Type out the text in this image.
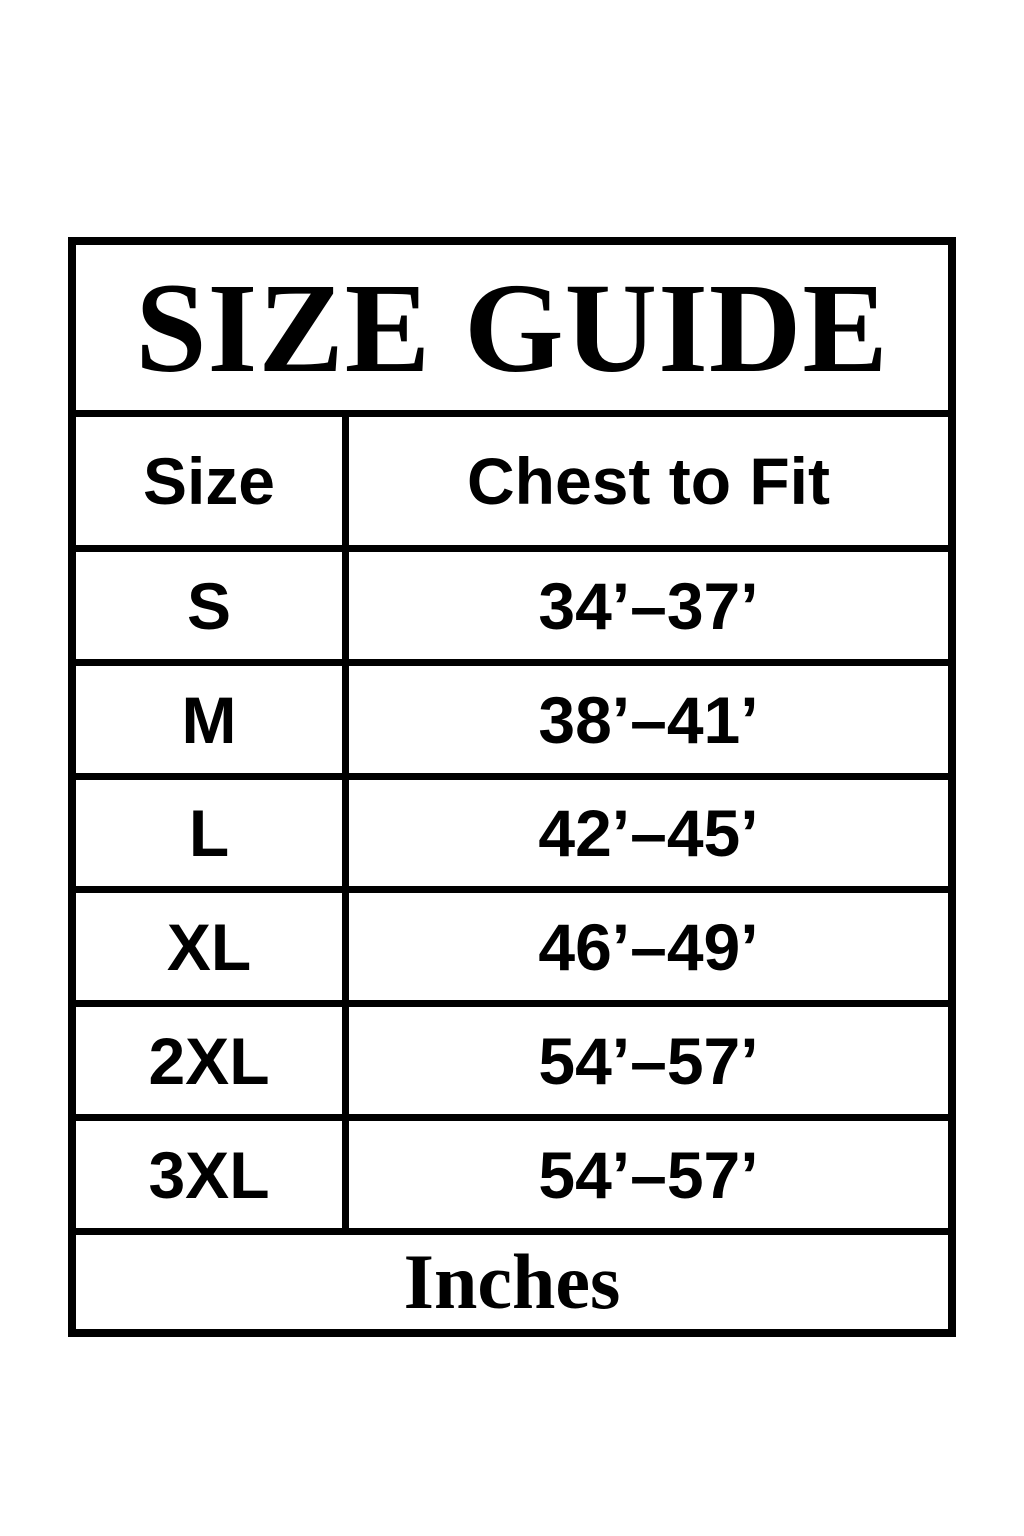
SIZE GUIDE
Size	Chest to Fit
S	34’–37’
M	38’–41’
L	42’–45’
XL	46’–49’
2XL	54’–57’
3XL	54’–57’
Inches
